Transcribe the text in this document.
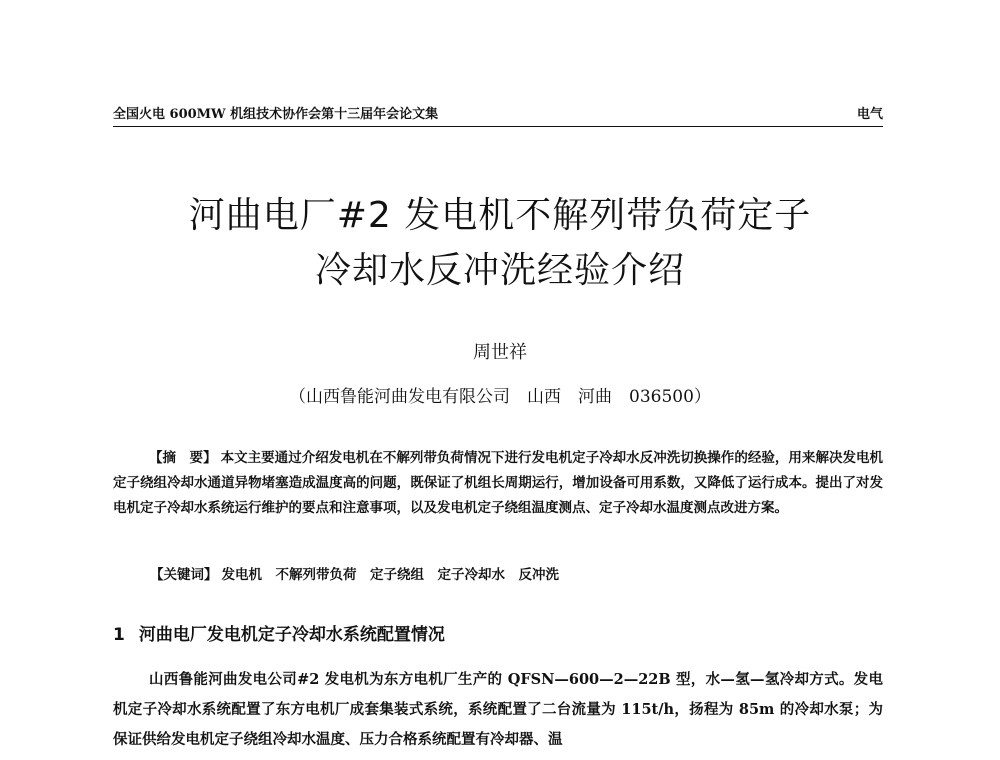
全国火电 600MW 机组技术协作会第十三届年会论文集	电气
河曲电厂#2 发电机不解列带负荷定子
冷却水反冲洗经验介绍
周世祥
（山西鲁能河曲发电有限公司　山西　河曲　036500）
【摘　要】 本文主要通过介绍发电机在不解列带负荷情况下进行发电机定子冷却水反冲洗切换操作的经验，用来解决发电机定子绕组冷却水通道异物堵塞造成温度高的问题，既保证了机组长周期运行，增加设备可用系数，又降低了运行成本。提出了对发电机定子冷却水系统运行维护的要点和注意事项，以及发电机定子绕组温度测点、定子冷却水温度测点改进方案。
【关键词】 发电机　不解列带负荷　定子绕组　定子冷却水　反冲洗
1 河曲电厂发电机定子冷却水系统配置情况
山西鲁能河曲发电公司#2 发电机为东方电机厂生产的 QFSN—600—2—22B 型，水—氢—氢冷却方式。发电机定子冷却水系统配置了东方电机厂成套集装式系统，系统配置了二台流量为 115t/h，扬程为 85m 的冷却水泵；为保证供给发电机定子绕组冷却水温度、压力合格系统配置有冷却器、温
